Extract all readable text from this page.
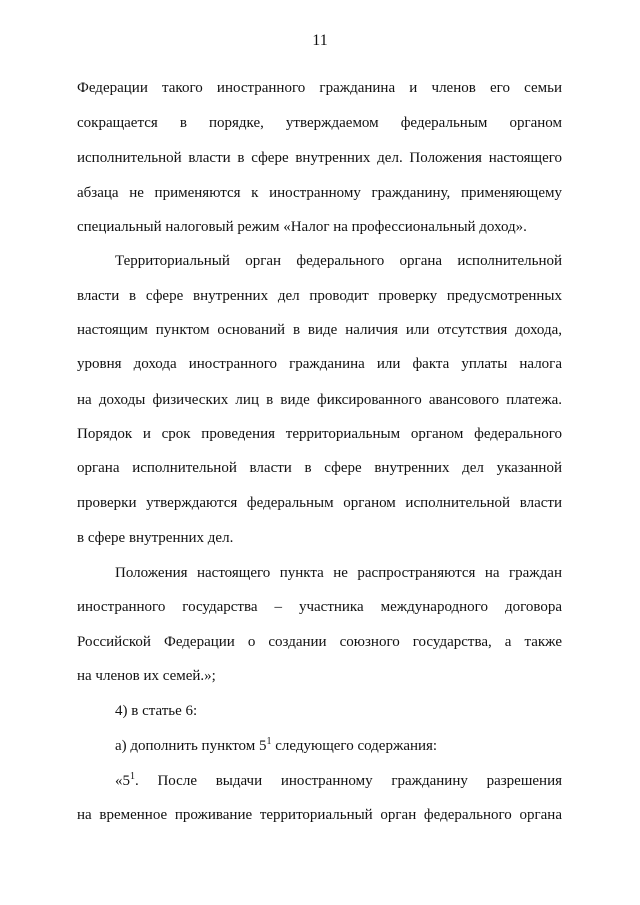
11
Федерации такого иностранного гражданина и членов его семьи
сокращается в порядке, утверждаемом федеральным органом
исполнительной власти в сфере внутренних дел. Положения настоящего
абзаца не применяются к иностранному гражданину, применяющему
специальный налоговый режим «Налог на профессиональный доход».
Территориальный орган федерального органа исполнительной
власти в сфере внутренних дел проводит проверку предусмотренных
настоящим пунктом оснований в виде наличия или отсутствия дохода,
уровня дохода иностранного гражданина или факта уплаты налога
на доходы физических лиц в виде фиксированного авансового платежа.
Порядок и срок проведения территориальным органом федерального
органа исполнительной власти в сфере внутренних дел указанной
проверки утверждаются федеральным органом исполнительной власти
в сфере внутренних дел.
Положения настоящего пункта не распространяются на граждан
иностранного государства – участника международного договора
Российской Федерации о создании союзного государства, а также
на членов их семей.»;
4) в статье 6:
а) дополнить пунктом $5^1$ следующего содержания:
«$5^1$. После выдачи иностранному гражданину разрешения
на временное проживание территориальный орган федерального органа
